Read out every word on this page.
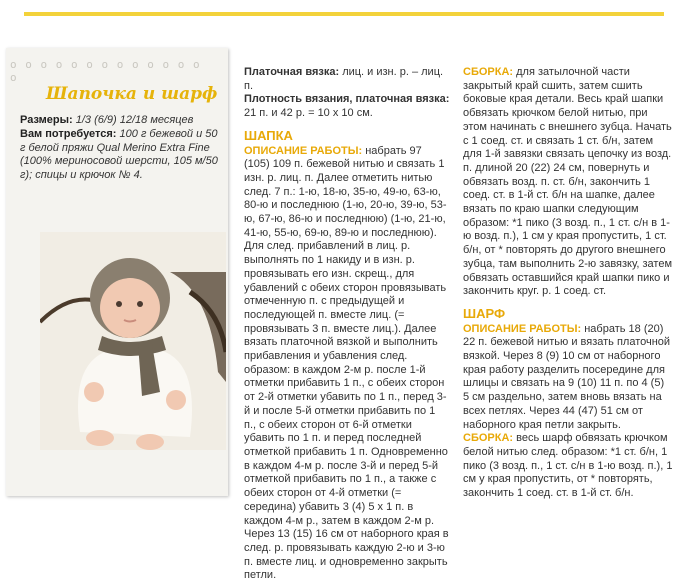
o o o o o o o o o o o o o o
Шапочка и шарф

Размеры: 1/3 (6/9) 12/18 месяцев

Вам потребуется: 100 г бежевой и 50 г белой пряжи Qual Merino Extra Fine (100% мериносовой шерсти, 105 м/50 г); спицы и крючок № 4.

Платочная вязка: лиц. и изн. р. – лиц. п.

Плотность вязания, платочная вязка: 21 п. и 42 р. = 10 х 10 см.

ШАПКА

ОПИСАНИЕ РАБОТЫ: набрать 97 (105) 109 п. бежевой нитью и связать 1 изн. р. лиц. п. Далее отметить нитью след. 7 п.: 1-ю, 18-ю, 35-ю, 49-ю, 63-ю, 80-ю и последнюю (1-ю, 20-ю, 39-ю, 53-ю, 67-ю, 86-ю и последнюю) (1-ю, 21-ю, 41-ю, 55-ю, 69-ю, 89-ю и последнюю). Для след. прибавлений в лиц. р. выполнять по 1 накиду и в изн. р. провязывать его изн. скрещ., для убавлений с обеих сторон провязывать отмеченную п. с предыдущей и последующей п. вместе лиц. (= провязывать 3 п. вместе лиц.). Далее вязать платочной вязкой и выполнить прибавления и убавления след. образом: в каждом 2-м р. после 1-й отметки прибавить 1 п., с обеих сторон от 2-й отметки убавить по 1 п., перед 3-й и после 5-й отметки прибавить по 1 п., с обеих сторон от 6-й отметки убавить по 1 п. и перед последней отметкой прибавить 1 п. Одновременно в каждом 4-м р. после 3-й и перед 5-й отметкой прибавить по 1 п., а также с обеих сторон от 4-й отметки (= середина) убавить 3 (4) 5 х 1 п. в каждом 4-м р., затем в каждом 2-м р. Через 13 (15) 16 см от наборного края в след. р. провязывать каждую 2-ю и 3-ю п. вместе лиц. и одновременно закрыть петли.

СБОРКА: для затылочной части закрытый край сшить, затем сшить боковые края детали. Весь край шапки обвязать крючком белой нитью, при этом начинать с внешнего зубца. Начать с 1 соед. ст. и связать 1 ст. б/н, затем для 1-й завязки связать цепочку из возд. п. длиной 20 (22) 24 см, повернуть и обвязать возд. п. ст. б/н, закончить 1 соед. ст. в 1-й ст. б/н на шапке, далее вязать по краю шапки следующим образом: *1 пико (3 возд. п., 1 ст. с/н в 1-ю возд. п.), 1 см у края пропустить, 1 ст. б/н, от * повторять до другого внешнего зубца, там выполнить 2-ю завязку, затем обвязать оставшийся край шапки пико и закончить круг. р. 1 соед. ст.

ШАРФ

ОПИСАНИЕ РАБОТЫ: набрать 18 (20) 22 п. бежевой нитью и вязать платочной вязкой. Через 8 (9) 10 см от наборного края работу разделить посередине для шлицы и связать на 9 (10) 11 п. по 4 (5) 5 см раздельно, затем вновь вязать на всех петлях. Через 44 (47) 51 см от наборного края петли закрыть.

СБОРКА: весь шарф обвязать крючком белой нитью след. образом: *1 ст. б/н, 1 пико (3 возд. п., 1 ст. с/н в 1-ю возд. п.), 1 см у края пропустить, от * повторять, закончить 1 соед. ст. в 1-й ст. б/н.
